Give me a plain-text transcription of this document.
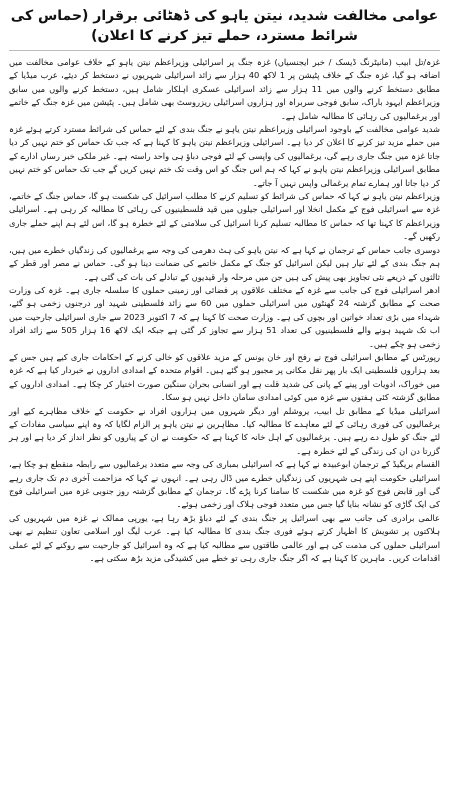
عوامی مخالفت شدید، نیتن یاہو کی ڈھٹائی برقرار (حماس کی شرائط مسترد، حملے تیز کرنے کا اعلان)

غزہ/تل ابیب (مانیٹرنگ ڈیسک / خبر ایجنسیاں) غزہ جنگ پر اسرائیلی وزیراعظم نیتن یاہو کے خلاف عوامی مخالفت میں اضافہ ہو گیا، غزہ جنگ کے خلاف پٹیشن پر 1 لاکھ 40 ہزار سے زائد اسرائیلی شہریوں نے دستخط کر دیئے، عرب میڈیا کے مطابق دستخط کرنے والوں میں 11 ہزار سے زائد اسرائیلی عسکری اہلکار شامل ہیں، دستخط کرنے والوں میں سابق وزیراعظم ایہود باراک، سابق فوجی سربراہ اور ہزاروں اسرائیلی ریزروسٹ بھی شامل ہیں۔ پٹیشن میں غزہ جنگ کے خاتمے اور یرغمالیوں کی رہائی کا مطالبہ شامل ہے۔

شدید عوامی مخالفت کے باوجود اسرائیلی وزیراعظم نیتن یاہو نے جنگ بندی کے لئے حماس کی شرائط مسترد کرتے ہوئے غزہ میں حملے مزید تیز کرنے کا اعلان کر دیا ہے۔ اسرائیلی وزیراعظم نیتن یاہو کا کہنا ہے کہ جب تک حماس کو ختم نہیں کر دیا جاتا غزہ میں جنگ جاری رہے گی، یرغمالیوں کی واپسی کے لئے فوجی دباؤ ہی واحد راستہ ہے۔ غیر ملکی خبر رساں ادارے کے مطابق اسرائیلی وزیراعظم نیتن یاہو نے کہا کہ ہم اس جنگ کو اس وقت تک ختم نہیں کریں گے جب تک حماس کو ختم نہیں کر دیا جاتا اور ہمارے تمام یرغمالی واپس نہیں آ جاتے۔

وزیراعظم نیتن یاہو نے کہا کہ حماس کی شرائط کو تسلیم کرنے کا مطلب اسرائیل کی شکست ہو گا، حماس جنگ کے خاتمے، غزہ سے اسرائیلی فوج کے مکمل انخلا اور اسرائیلی جیلوں میں قید فلسطینیوں کی رہائی کا مطالبہ کر رہی ہے۔ اسرائیلی وزیراعظم کا کہنا تھا کہ حماس کا مطالبہ تسلیم کرنا اسرائیل کی سلامتی کے لئے خطرہ ہو گا، اس لئے ہم اپنے حملے جاری رکھیں گے۔

دوسری جانب حماس کے ترجمان نے کہا ہے کہ نیتن یاہو کی ہٹ دھرمی کی وجہ سے یرغمالیوں کی زندگیاں خطرے میں ہیں، ہم جنگ بندی کے لئے تیار ہیں لیکن اسرائیل کو جنگ کے مکمل خاتمے کی ضمانت دینا ہو گی۔ حماس نے مصر اور قطر کے ثالثوں کے ذریعے نئی تجاویز بھی پیش کی ہیں جن میں مرحلہ وار قیدیوں کے تبادلے کی بات کی گئی ہے۔

ادھر اسرائیلی فوج کی جانب سے غزہ کے مختلف علاقوں پر فضائی اور زمینی حملوں کا سلسلہ جاری ہے۔ غزہ کی وزارت صحت کے مطابق گزشتہ 24 گھنٹوں میں اسرائیلی حملوں میں 60 سے زائد فلسطینی شہید اور درجنوں زخمی ہو گئے، شہداء میں بڑی تعداد خواتین اور بچوں کی ہے۔ وزارت صحت کا کہنا ہے کہ 7 اکتوبر 2023 سے جاری اسرائیلی جارحیت میں اب تک شہید ہونے والے فلسطینیوں کی تعداد 51 ہزار سے تجاوز کر گئی ہے جبکہ ایک لاکھ 16 ہزار 505 سے زائد افراد زخمی ہو چکے ہیں۔

رپورٹس کے مطابق اسرائیلی فوج نے رفح اور خان یونس کے مزید علاقوں کو خالی کرنے کے احکامات جاری کیے ہیں جس کے بعد ہزاروں فلسطینی ایک بار پھر نقل مکانی پر مجبور ہو گئے ہیں۔ اقوام متحدہ کے امدادی اداروں نے خبردار کیا ہے کہ غزہ میں خوراک، ادویات اور پینے کے پانی کی شدید قلت ہے اور انسانی بحران سنگین صورت اختیار کر چکا ہے۔ امدادی اداروں کے مطابق گزشتہ کئی ہفتوں سے غزہ میں کوئی امدادی سامان داخل نہیں ہو سکا۔

اسرائیلی میڈیا کے مطابق تل ابیب، یروشلم اور دیگر شہروں میں ہزاروں افراد نے حکومت کے خلاف مظاہرے کیے اور یرغمالیوں کی فوری رہائی کے لئے معاہدے کا مطالبہ کیا۔ مظاہرین نے نیتن یاہو پر الزام لگایا کہ وہ اپنے سیاسی مفادات کے لئے جنگ کو طول دے رہے ہیں۔ یرغمالیوں کے اہل خانہ کا کہنا ہے کہ حکومت نے ان کے پیاروں کو نظر انداز کر دیا ہے اور ہر گزرتا دن ان کی زندگی کے لئے خطرہ ہے۔

القسام بریگیڈ کے ترجمان ابوعبیدہ نے کہا ہے کہ اسرائیلی بمباری کی وجہ سے متعدد یرغمالیوں سے رابطہ منقطع ہو چکا ہے، اسرائیلی حکومت اپنے ہی شہریوں کی زندگیاں خطرے میں ڈال رہی ہے۔ انہوں نے کہا کہ مزاحمت آخری دم تک جاری رہے گی اور قابض فوج کو غزہ میں شکست کا سامنا کرنا پڑے گا۔ ترجمان کے مطابق گزشتہ روز جنوبی غزہ میں اسرائیلی فوج کی ایک گاڑی کو نشانہ بنایا گیا جس میں متعدد فوجی ہلاک اور زخمی ہوئے۔

عالمی برادری کی جانب سے بھی اسرائیل پر جنگ بندی کے لئے دباؤ بڑھ رہا ہے، یورپی ممالک نے غزہ میں شہریوں کی ہلاکتوں پر تشویش کا اظہار کرتے ہوئے فوری جنگ بندی کا مطالبہ کیا ہے۔ عرب لیگ اور اسلامی تعاون تنظیم نے بھی اسرائیلی حملوں کی مذمت کی ہے اور عالمی طاقتوں سے مطالبہ کیا ہے کہ وہ اسرائیل کو جارحیت سے روکنے کے لئے عملی اقدامات کریں۔ ماہرین کا کہنا ہے کہ اگر جنگ جاری رہی تو خطے میں کشیدگی مزید بڑھ سکتی ہے۔
